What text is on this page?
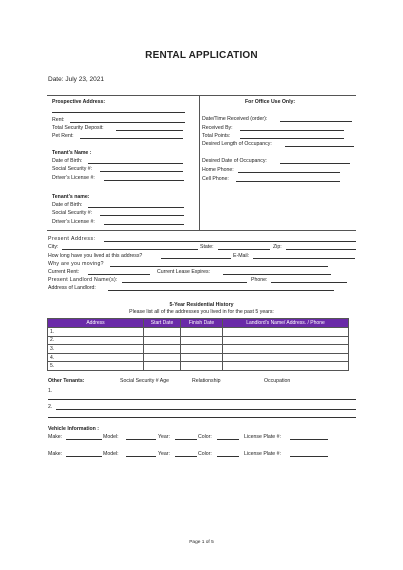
RENTAL APPLICATION
Date: July 23, 2021
Prospective Address:
Rent:
Total Security Deposit:
Pet Rent:
Tenant’s Name :
Date of Birth:
Social Security #:
Driver’s License #:
Tenant’s name:
Date of Birth:
Social Security #:
Driver’s License #:
For Office Use Only:
Date/Time Received (order):
Received By:
Total Points:
Desired Length of Occupancy:
Desired Date of Occupancy:
Home Phone:
Cell Phone:
Present Address:
City:	State:	Zip:
How long have you lived at this address?	E-Mail:
Why are you moving?
Current Rent:	Current Lease Expires:
Present Landlord Name(s):	Phone:
Address of Landlord:
5-Year Residential History
Please list all of the addresses you lived in for the past 5 years:
Address	Start Date	Finish Date	Landlord’s Name/ Address. / Phone
1.			
2.			
3.			
4.			
5.			
Other Tenants:	Social Security # Age	Relationship	Occupation
1.
2.
Vehicle Information :
Make:	Model:	Year:	Color:	License Plate #:
Make:	Model:	Year:	Color:	License Plate #:
Page 1 of 5
